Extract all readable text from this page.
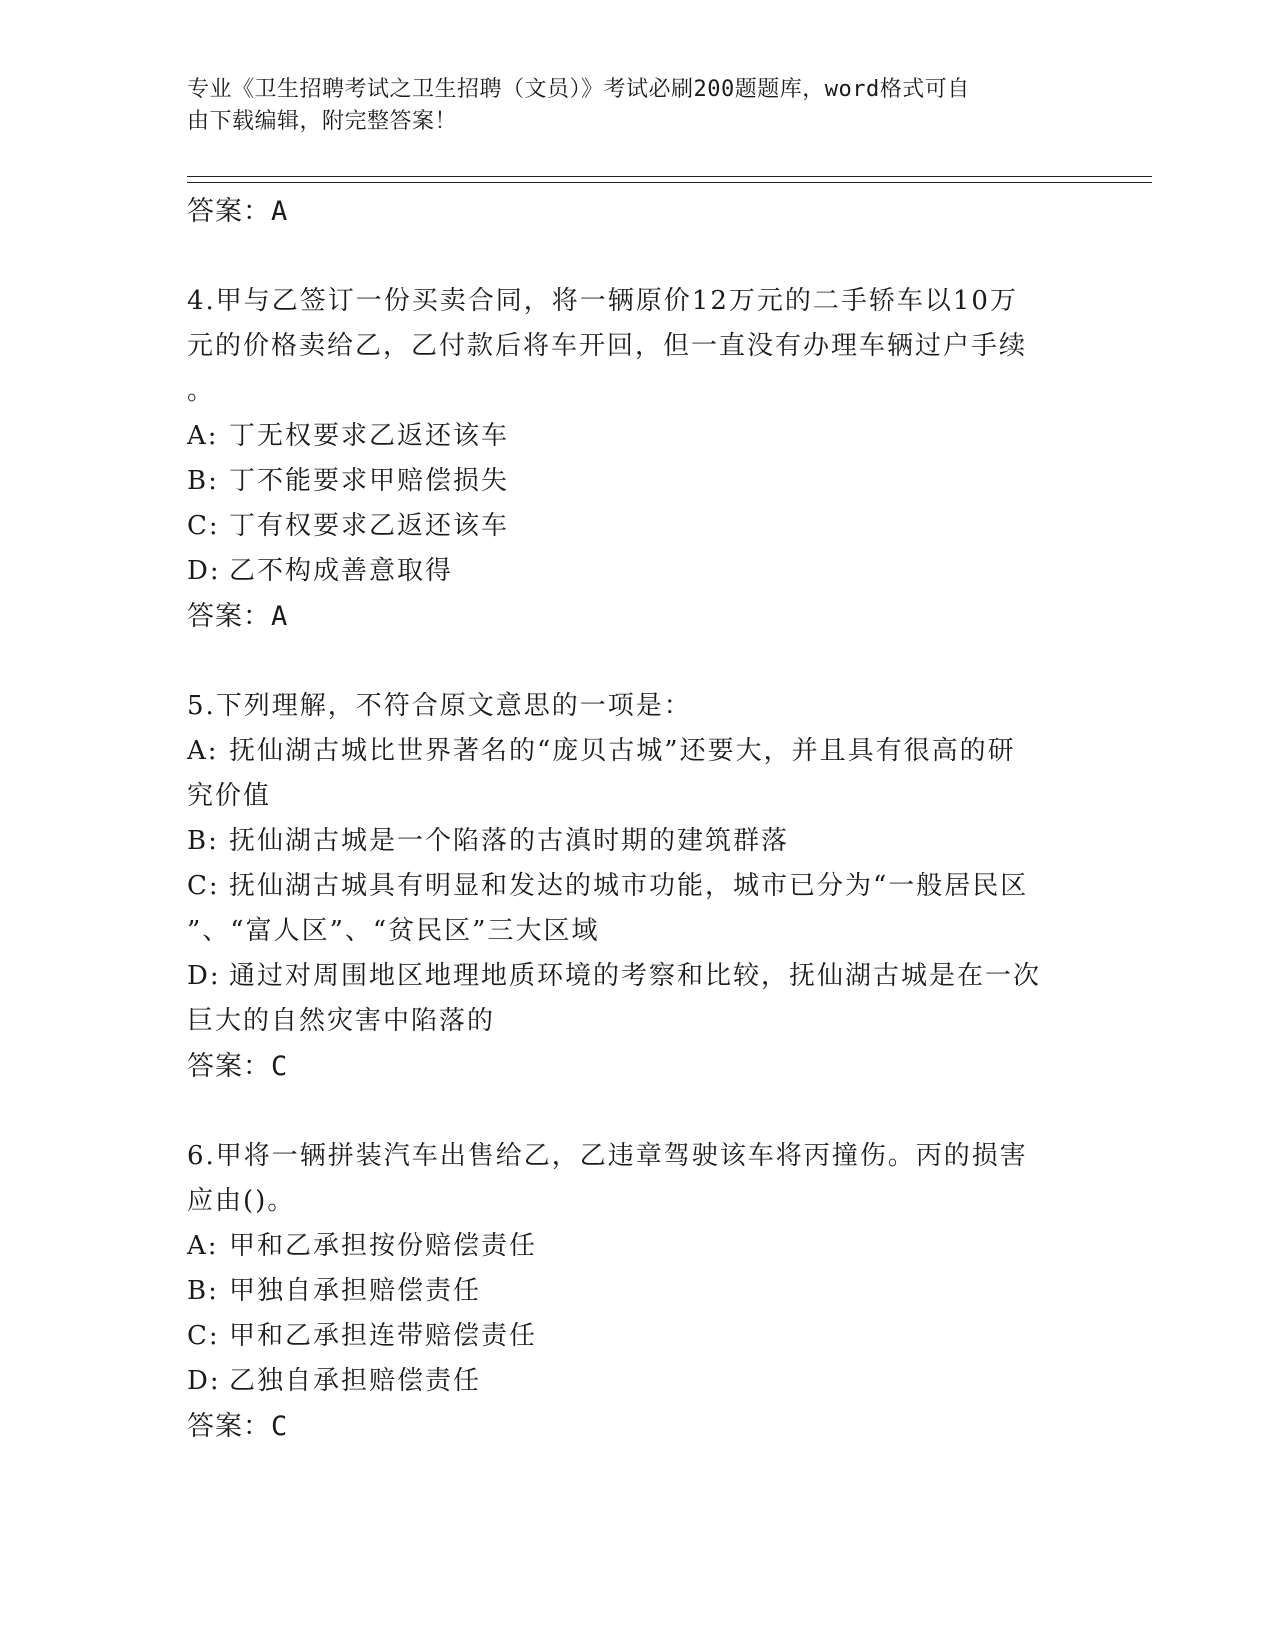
专业《卫生招聘考试之卫生招聘（文员）》考试必刷200题题库，word格式可自
由下载编辑，附完整答案！

答案：A

4.甲与乙签订一份买卖合同，将一辆原价12万元的二手轿车以10万

元的价格卖给乙，乙付款后将车开回，但一直没有办理车辆过户手续

。

A: 丁无权要求乙返还该车

B: 丁不能要求甲赔偿损失

C: 丁有权要求乙返还该车

D: 乙不构成善意取得

答案：A

5.下列理解，不符合原文意思的一项是：

A: 抚仙湖古城比世界著名的“庞贝古城”还要大，并且具有很高的研

究价值

B: 抚仙湖古城是一个陷落的古滇时期的建筑群落

C: 抚仙湖古城具有明显和发达的城市功能，城市已分为“一般居民区

”、“富人区”、“贫民区”三大区域

D: 通过对周围地区地理地质环境的考察和比较，抚仙湖古城是在一次

巨大的自然灾害中陷落的

答案：C

6.甲将一辆拼装汽车出售给乙，乙违章驾驶该车将丙撞伤。丙的损害

应由()。

A: 甲和乙承担按份赔偿责任

B: 甲独自承担赔偿责任

C: 甲和乙承担连带赔偿责任

D: 乙独自承担赔偿责任

答案：C
